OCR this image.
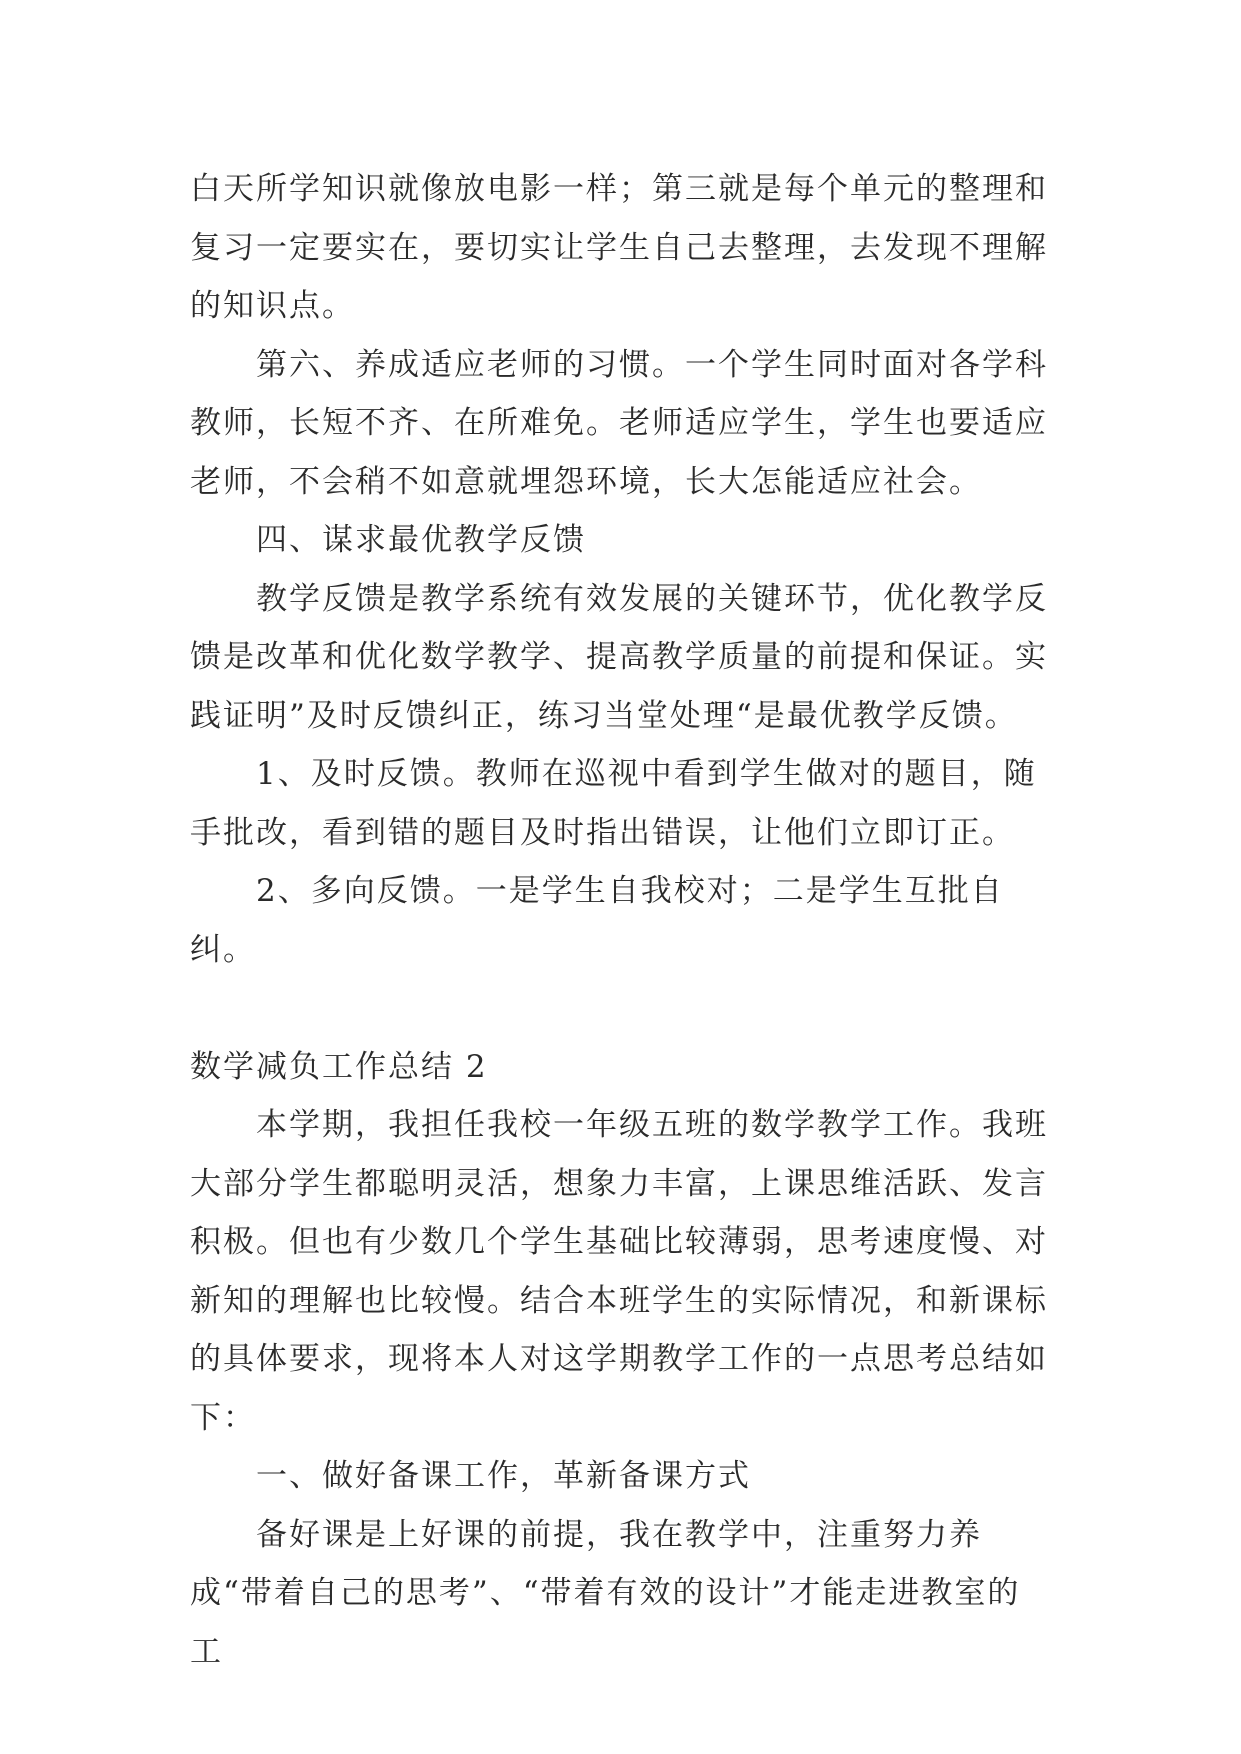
白天所学知识就像放电影一样；第三就是每个单元的整理和复习一定要实在，要切实让学生自己去整理，去发现不理解的知识点。

第六、养成适应老师的习惯。一个学生同时面对各学科教师，长短不齐、在所难免。老师适应学生，学生也要适应老师，不会稍不如意就埋怨环境，长大怎能适应社会。

四、谋求最优教学反馈

教学反馈是教学系统有效发展的关键环节，优化教学反馈是改革和优化数学教学、提高教学质量的前提和保证。实践证明”及时反馈纠正，练习当堂处理“是最优教学反馈。

1、及时反馈。教师在巡视中看到学生做对的题目，随手批改，看到错的题目及时指出错误，让他们立即订正。

2、多向反馈。一是学生自我校对；二是学生互批自纠。

数学减负工作总结 2

本学期，我担任我校一年级五班的数学教学工作。我班大部分学生都聪明灵活，想象力丰富，上课思维活跃、发言积极。但也有少数几个学生基础比较薄弱，思考速度慢、对新知的理解也比较慢。结合本班学生的实际情况，和新课标的具体要求，现将本人对这学期教学工作的一点思考总结如下：

一、做好备课工作，革新备课方式

备好课是上好课的前提，我在教学中，注重努力养成“带着自己的思考”、“带着有效的设计”才能走进教室的工
